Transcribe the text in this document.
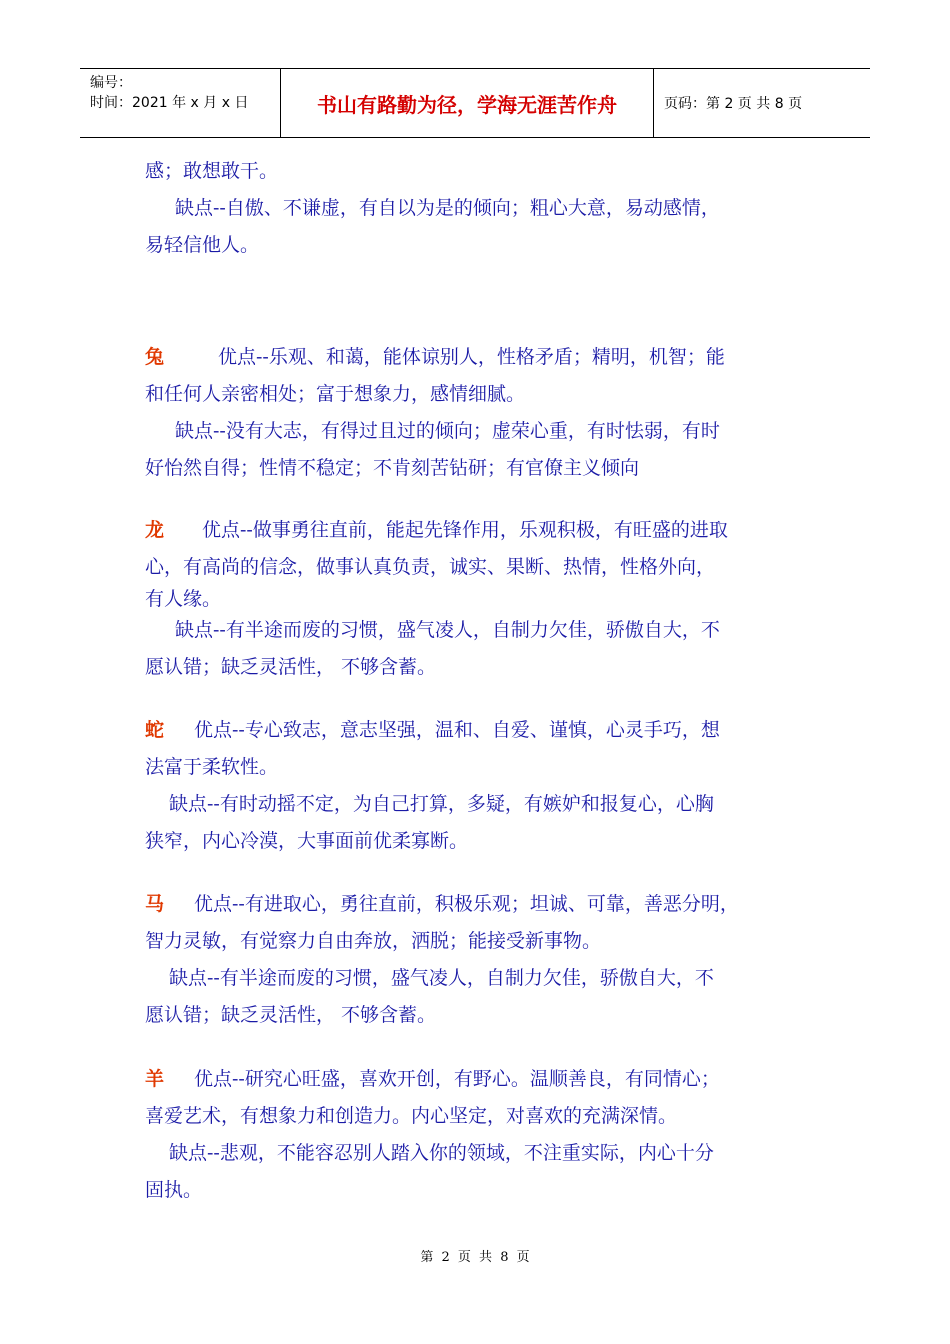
编号：
时间：2021 年 x 月 x 日	书山有路勤为径，学海无涯苦作舟	页码：第 2 页 共 8 页
感；敢想敢干。
缺点--自傲、不谦虚，有自以为是的倾向；粗心大意，易动感情，
易轻信他人。
兔	优点--乐观、和蔼，能体谅别人，性格矛盾；精明，机智；能
和任何人亲密相处；富于想象力，感情细腻。
缺点--没有大志，有得过且过的倾向；虚荣心重，有时怯弱，有时
好怡然自得；性情不稳定；不肯刻苦钻研；有官僚主义倾向
龙 优点--做事勇往直前，能起先锋作用，乐观积极，有旺盛的进取
心，有高尚的信念，做事认真负责，诚实、果断、热情，性格外向，
有人缘。
缺点--有半途而废的习惯，盛气凌人，自制力欠佳，骄傲自大，不
愿认错；缺乏灵活性， 不够含蓄。
蛇 优点--专心致志，意志坚强，温和、自爱、谨慎，心灵手巧，想
法富于柔软性。
缺点--有时动摇不定，为自己打算，多疑，有嫉妒和报复心，心胸
狭窄，内心冷漠，大事面前优柔寡断。
马 优点--有进取心，勇往直前，积极乐观；坦诚、可靠，善恶分明，
智力灵敏，有觉察力自由奔放，洒脱；能接受新事物。
缺点--有半途而废的习惯，盛气凌人，自制力欠佳，骄傲自大，不
愿认错；缺乏灵活性， 不够含蓄。
羊 优点--研究心旺盛，喜欢开创，有野心。温顺善良，有同情心；
喜爱艺术，有想象力和创造力。内心坚定，对喜欢的充满深情。
缺点--悲观，不能容忍别人踏入你的领域，不注重实际，内心十分
固执。
第 2 页 共 8 页
